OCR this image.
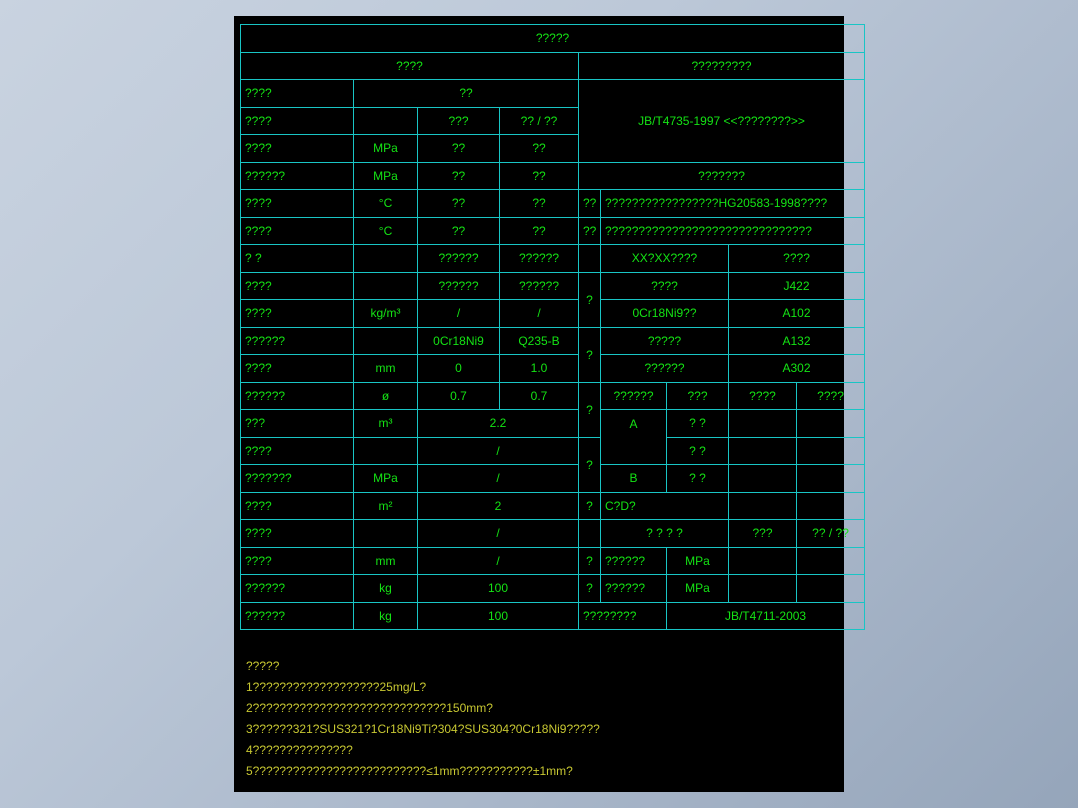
?????								
????				?????????				
????	??			JB/T4735-1997 <<????????>>				
????		???	?? / ??					
????	MPa	??	??					
??????	MPa	??	??	???????				
????	°C	??	??	??	?????????????????HG20583-1998????			
????	°C	??	??	??	???????????????????????????????			
? ?		??????	??????		XX?XX????		????	
????		??????	??????	?	????		J422	
????	kg/m³	/	/		0Cr18Ni9??		A102	
??????		0Cr18Ni9	Q235-B	?	?????		A132	
????	mm	0	1.0		??????		A302	
??????	ø	0.7	0.7	?	??????	???	????	????
???	m³	2.2			A	? ?		
????		/		?		? ?		
???????	MPa	/			B	? ?		
????	m²	2		?	C?D?			
????		/			? ? ? ?		???	?? / ??
????	mm	/		?	??????	MPa		
??????	kg	100		?	??????	MPa		
??????	kg	100		????????		JB/T4711-2003		
?????
1???????????????????25mg/L?
2?????????????????????????????150mm?
3??????321?SUS321?1Cr18Ni9Ti?304?SUS304?0Cr18Ni9?????
4???????????????
5??????????????????????????≤1mm???????????±1mm?
